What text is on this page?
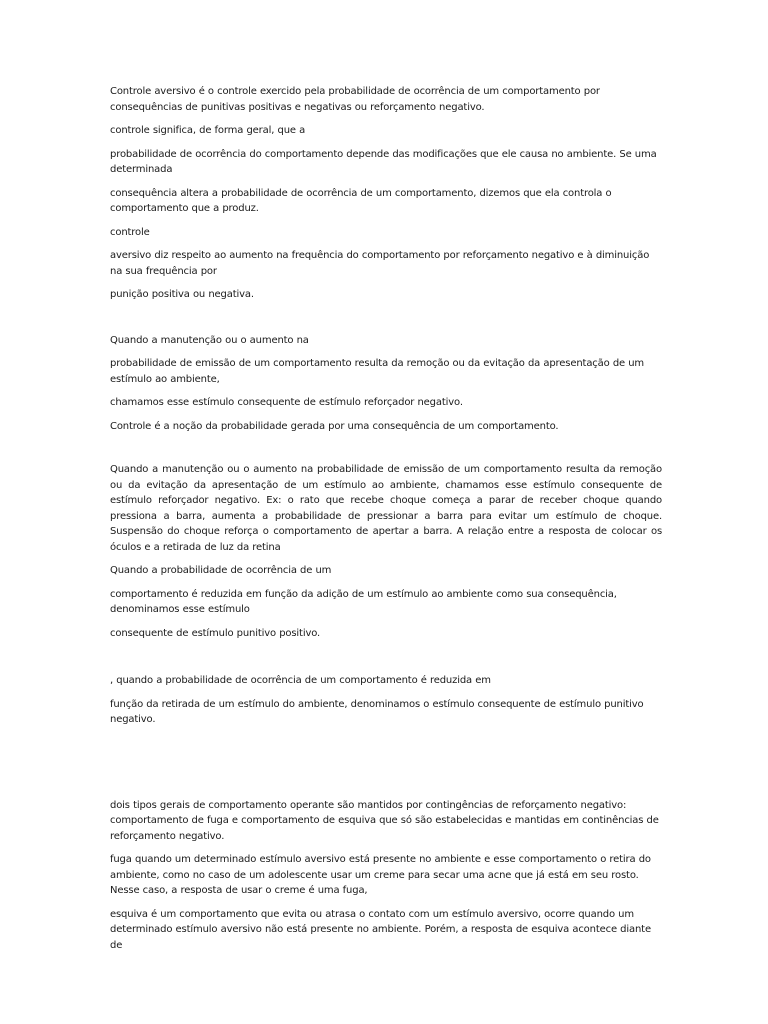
Controle aversivo é o controle exercido pela probabilidade de ocorrência de um comportamento por consequências de punitivas positivas e negativas ou reforçamento negativo.

controle significa, de forma geral, que a

probabilidade de ocorrência do comportamento depende das modificações que ele causa no ambiente. Se uma determinada

consequência altera a probabilidade de ocorrência de um comportamento, dizemos que ela controla o comportamento que a produz.

controle

aversivo diz respeito ao aumento na frequência do comportamento por reforçamento negativo e à diminuição na sua frequência por

punição positiva ou negativa.

Quando a manutenção ou o aumento na

probabilidade de emissão de um comportamento resulta da remoção ou da evitação da apresentação de um estímulo ao ambiente,

chamamos esse estímulo consequente de estímulo reforçador negativo.

Controle é a noção da probabilidade gerada por uma consequência de um comportamento.

Quando a manutenção ou o aumento na probabilidade de emissão de um comportamento resulta da remoção ou da evitação da apresentação de um estímulo ao ambiente, chamamos esse estímulo consequente de estímulo reforçador negativo. Ex: o rato que recebe choque começa a parar de receber choque quando pressiona a barra, aumenta a probabilidade de pressionar a barra para evitar um estímulo de choque. Suspensão do choque reforça o comportamento de apertar a barra. A relação entre a resposta de colocar os óculos e a retirada de luz da retina

Quando a probabilidade de ocorrência de um

comportamento é reduzida em função da adição de um estímulo ao ambiente como sua consequência, denominamos esse estímulo

consequente de estímulo punitivo positivo.

, quando a probabilidade de ocorrência de um comportamento é reduzida em

função da retirada de um estímulo do ambiente, denominamos o estímulo consequente de estímulo punitivo negativo.

dois tipos gerais de comportamento operante são mantidos por contingências de reforçamento negativo: comportamento de fuga e comportamento de esquiva que só são estabelecidas e mantidas em continências de reforçamento negativo.

fuga quando um determinado estímulo aversivo está presente no ambiente e esse comportamento o retira do ambiente, como no caso de um adolescente usar um creme para secar uma acne que já está em seu rosto. Nesse caso, a resposta de usar o creme é uma fuga,

esquiva é um comportamento que evita ou atrasa o contato com um estímulo aversivo, ocorre quando um determinado estímulo aversivo não está presente no ambiente. Porém, a resposta de esquiva acontece diante de
